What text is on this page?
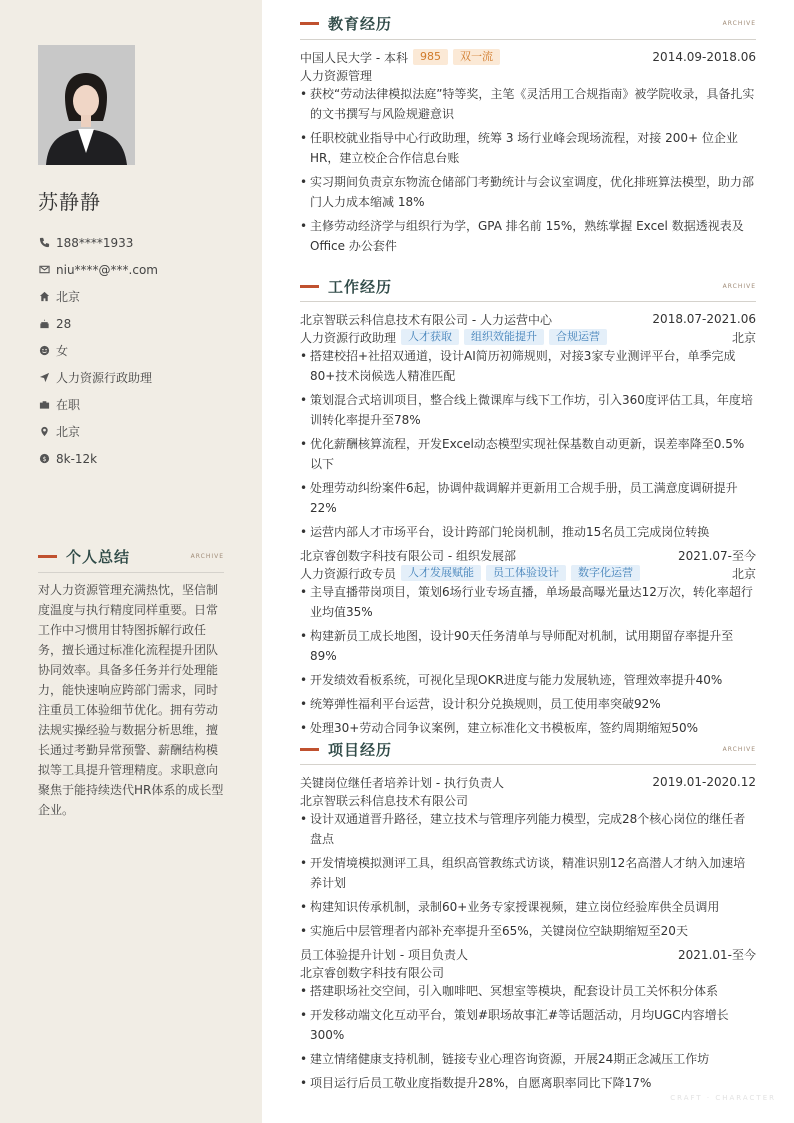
苏静静
188****1933
niu****@***.com
北京
28
女
人力资源行政助理
在职
北京
$ 8k-12k
个人总结	ARCHIVE
对人力资源管理充满热忱，坚信制度温度与执行精度同样重要。日常工作中习惯用甘特图拆解行政任务，擅长通过标准化流程提升团队协同效率。具备多任务并行处理能力，能快速响应跨部门需求，同时注重员工体验细节优化。拥有劳动法规实操经验与数据分析思维，擅长通过考勤异常预警、薪酬结构模拟等工具提升管理精度。求职意向聚焦于能持续迭代HR体系的成长型企业。
教育经历	ARCHIVE
中国人民大学 - 本科	985	双一流	2014.09-2018.06
人力资源管理
• 获校“劳动法律模拟法庭”特等奖，主笔《灵活用工合规指南》被学院收录，具备扎实的文书撰写与风险规避意识
• 任职校就业指导中心行政助理，统筹 3 场行业峰会现场流程，对接 200+ 位企业 HR，建立校企合作信息台账
• 实习期间负责京东物流仓储部门考勤统计与会议室调度，优化排班算法模型，助力部门人力成本缩减 18%
• 主修劳动经济学与组织行为学，GPA 排名前 15%，熟练掌握 Excel 数据透视表及 Office 办公套件
工作经历	ARCHIVE
北京智联云科信息技术有限公司 - 人力运营中心	2018.07-2021.06
人力资源行政助理	人才获取	组织效能提升	合规运营	北京
• 搭建校招+社招双通道，设计AI简历初筛规则，对接3家专业测评平台，单季完成80+技术岗候选人精准匹配
• 策划混合式培训项目，整合线上微课库与线下工作坊，引入360度评估工具，年度培训转化率提升至78%
• 优化薪酬核算流程，开发Excel动态模型实现社保基数自动更新，误差率降至0.5%以下
• 处理劳动纠纷案件6起，协调仲裁调解并更新用工合规手册，员工满意度调研提升22%
• 运营内部人才市场平台，设计跨部门轮岗机制，推动15名员工完成岗位转换
北京睿创数字科技有限公司 - 组织发展部	2021.07-至今
人力资源行政专员	人才发展赋能	员工体验设计	数字化运营	北京
• 主导直播带岗项目，策划6场行业专场直播，单场最高曝光量达12万次，转化率超行业均值35%
• 构建新员工成长地图，设计90天任务清单与导师配对机制，试用期留存率提升至89%
• 开发绩效看板系统，可视化呈现OKR进度与能力发展轨迹，管理效率提升40%
• 统筹弹性福利平台运营，设计积分兑换规则，员工使用率突破92%
• 处理30+劳动合同争议案例，建立标准化文书模板库，签约周期缩短50%
项目经历	ARCHIVE
关键岗位继任者培养计划 - 执行负责人	2019.01-2020.12
北京智联云科信息技术有限公司
• 设计双通道晋升路径，建立技术与管理序列能力模型，完成28个核心岗位的继任者盘点
• 开发情境模拟测评工具，组织高管教练式访谈，精准识别12名高潜人才纳入加速培养计划
• 构建知识传承机制，录制60+业务专家授课视频，建立岗位经验库供全员调用
• 实施后中层管理者内部补充率提升至65%，关键岗位空缺期缩短至20天
员工体验提升计划 - 项目负责人	2021.01-至今
北京睿创数字科技有限公司
• 搭建职场社交空间，引入咖啡吧、冥想室等模块，配套设计员工关怀积分体系
• 开发移动端文化互动平台，策划#职场故事汇#等话题活动，月均UGC内容增长300%
• 建立情绪健康支持机制，链接专业心理咨询资源，开展24期正念减压工作坊
• 项目运行后员工敬业度指数提升28%，自愿离职率同比下降17%
CRAFT · CHARACTER
